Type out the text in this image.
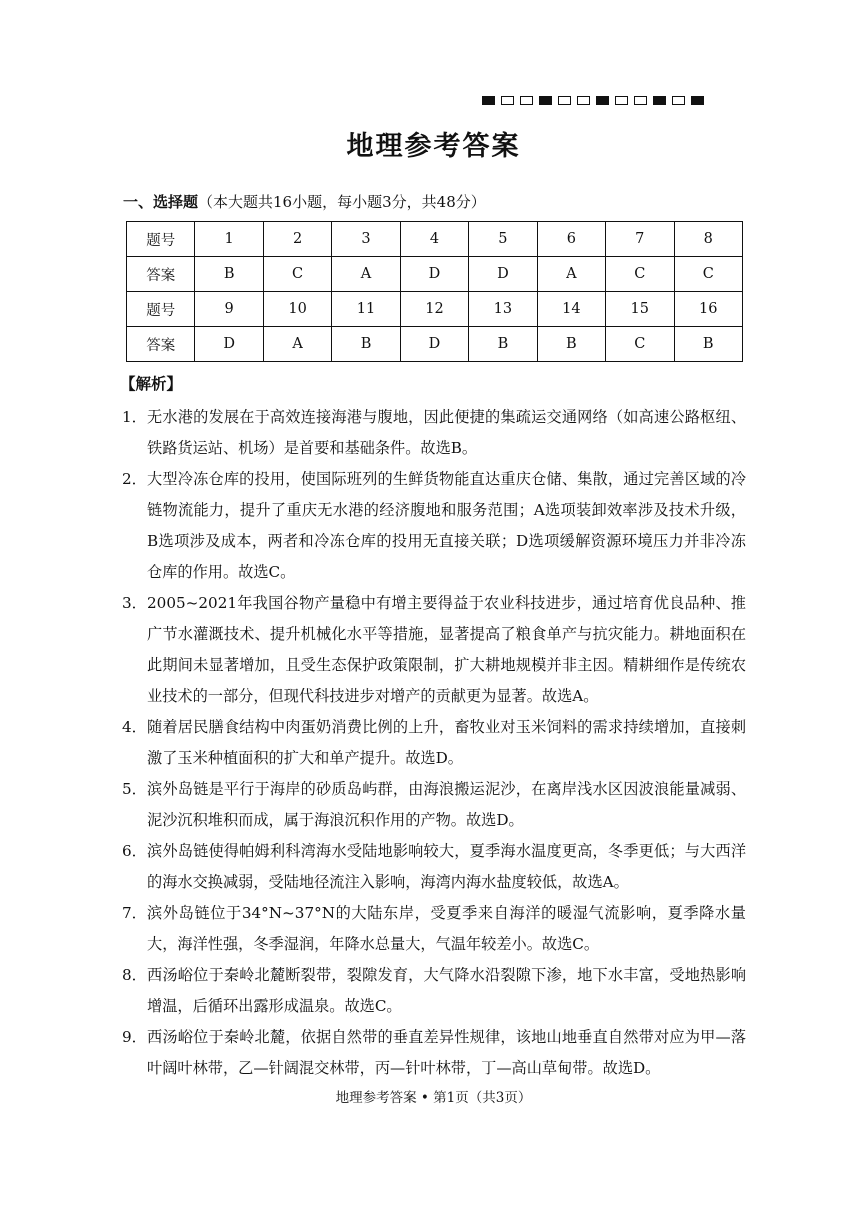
地理参考答案
一、选择题（本大题共16小题，每小题3分，共48分）
题号	1	2	3	4	5	6	7	8
答案	B	C	A	D	D	A	C	C
题号	9	10	11	12	13	14	15	16
答案	D	A	B	D	B	B	C	B
【解析】
1． 无水港的发展在于高效连接海港与腹地，因此便捷的集疏运交通网络（如高速公路枢纽、铁路货运站、机场）是首要和基础条件。故选B。
2． 大型冷冻仓库的投用，使国际班列的生鲜货物能直达重庆仓储、集散，通过完善区域的冷链物流能力，提升了重庆无水港的经济腹地和服务范围；A选项装卸效率涉及技术升级，B选项涉及成本，两者和冷冻仓库的投用无直接关联；D选项缓解资源环境压力并非冷冻仓库的作用。故选C。
3． 2005~2021年我国谷物产量稳中有增主要得益于农业科技进步，通过培育优良品种、推广节水灌溉技术、提升机械化水平等措施，显著提高了粮食单产与抗灾能力。耕地面积在此期间未显著增加，且受生态保护政策限制，扩大耕地规模并非主因。精耕细作是传统农业技术的一部分，但现代科技进步对增产的贡献更为显著。故选A。
4． 随着居民膳食结构中肉蛋奶消费比例的上升，畜牧业对玉米饲料的需求持续增加，直接刺激了玉米种植面积的扩大和单产提升。故选D。
5． 滨外岛链是平行于海岸的砂质岛屿群，由海浪搬运泥沙，在离岸浅水区因波浪能量减弱、泥沙沉积堆积而成，属于海浪沉积作用的产物。故选D。
6． 滨外岛链使得帕姆利科湾海水受陆地影响较大，夏季海水温度更高，冬季更低；与大西洋的海水交换减弱，受陆地径流注入影响，海湾内海水盐度较低，故选A。
7． 滨外岛链位于34°N~37°N的大陆东岸，受夏季来自海洋的暖湿气流影响，夏季降水量大，海洋性强，冬季湿润，年降水总量大，气温年较差小。故选C。
8． 西汤峪位于秦岭北麓断裂带，裂隙发育，大气降水沿裂隙下渗，地下水丰富，受地热影响增温，后循环出露形成温泉。故选C。
9． 西汤峪位于秦岭北麓，依据自然带的垂直差异性规律，该地山地垂直自然带对应为甲—落叶阔叶林带，乙—针阔混交林带，丙—针叶林带，丁—高山草甸带。故选D。
地理参考答案 • 第1页（共3页）
